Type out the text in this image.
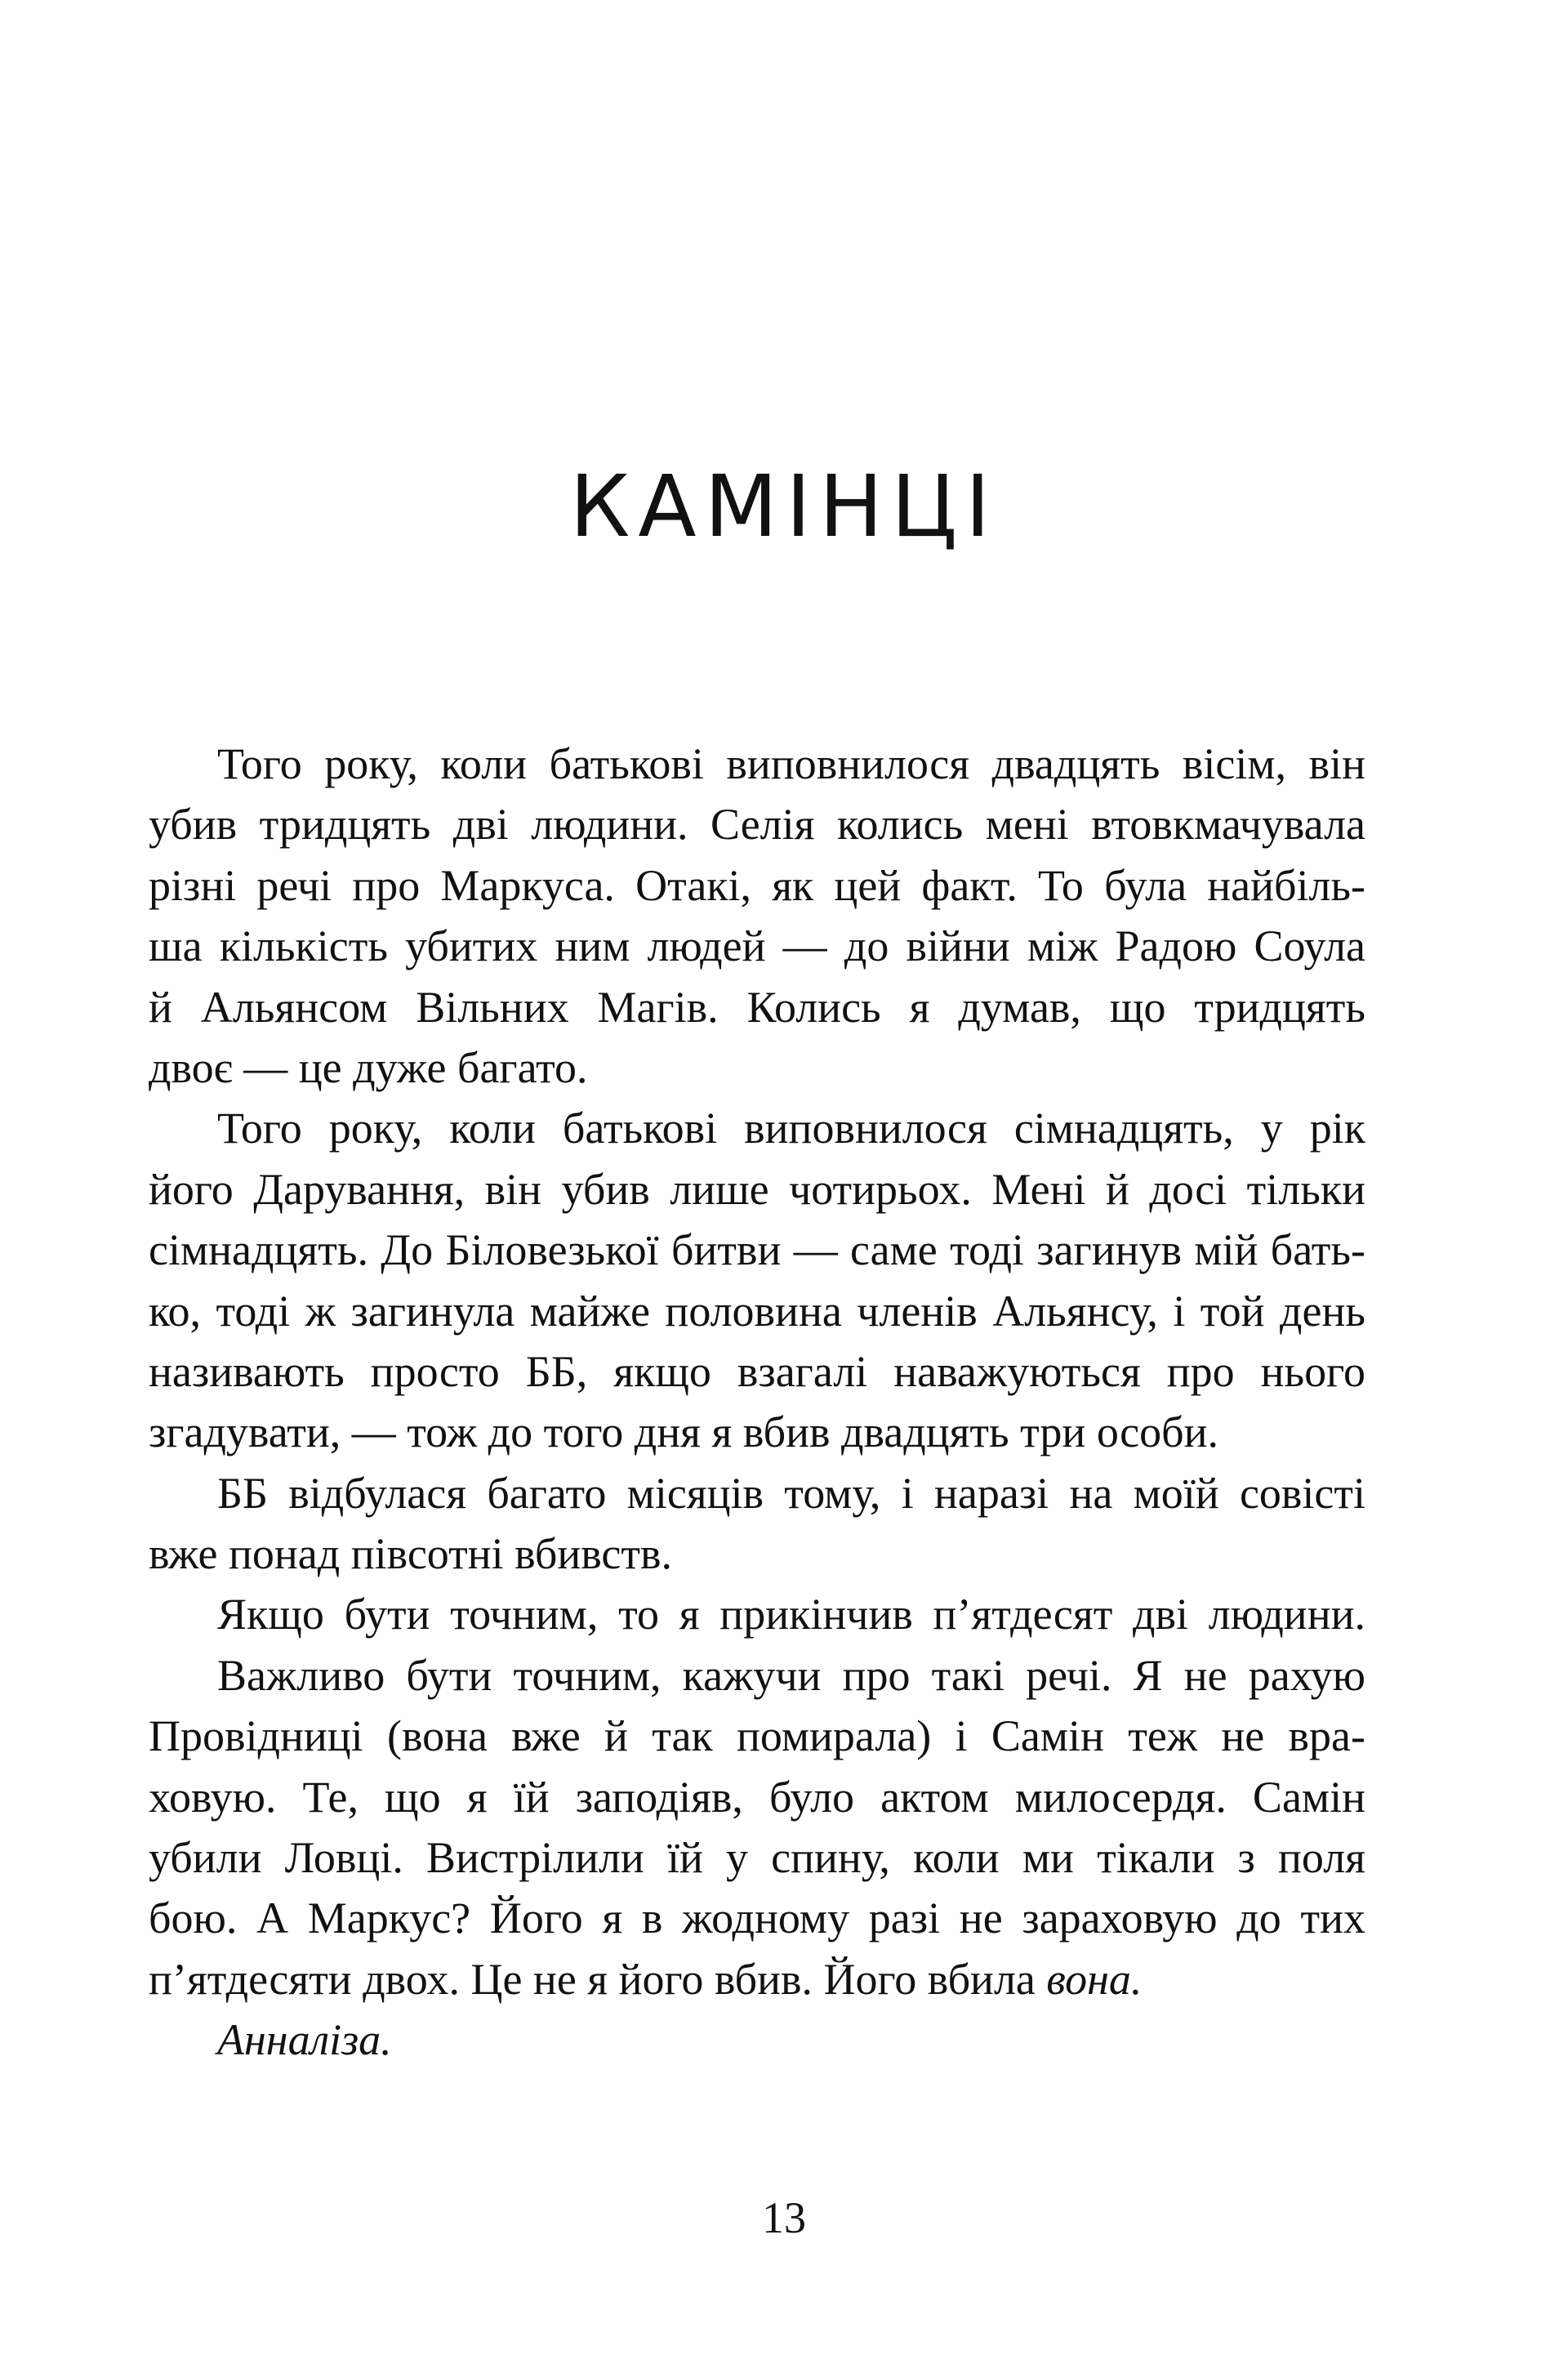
КАМІНЦІ
Того року, коли батькові виповнилося двадцять вісім, він
убив тридцять дві людини. Селія колись мені втовкмачувала
різні речі про Маркуса. Отакі, як цей факт. То була найбіль-
ша кількість убитих ним людей — до війни між Радою Соула
й Альянсом Вільних Магів. Колись я думав, що тридцять
двоє — це дуже багато.
Того року, коли батькові виповнилося сімнадцять, у рік
його Дарування, він убив лише чотирьох. Мені й досі тільки
сімнадцять. До Біловезької битви — саме тоді загинув мій бать-
ко, тоді ж загинула майже половина членів Альянсу, і той день
називають просто ББ, якщо взагалі наважуються про нього
згадувати, — тож до того дня я вбив двадцять три особи.
ББ відбулася багато місяців тому, і наразі на моїй совісті
вже понад півсотні вбивств.
Якщо бути точним, то я прикінчив п’ятдесят дві людини.
Важливо бути точним, кажучи про такі речі. Я не рахую
Провідниці (вона вже й так помирала) і Самін теж не вра-
ховую. Те, що я їй заподіяв, було актом милосердя. Самін
убили Ловці. Вистрілили їй у спину, коли ми тікали з поля
бою. А Маркус? Його я в жодному разі не зараховую до тих
п’ятдесяти двох. Це не я його вбив. Його вбила вона.
Анналіза.
13
